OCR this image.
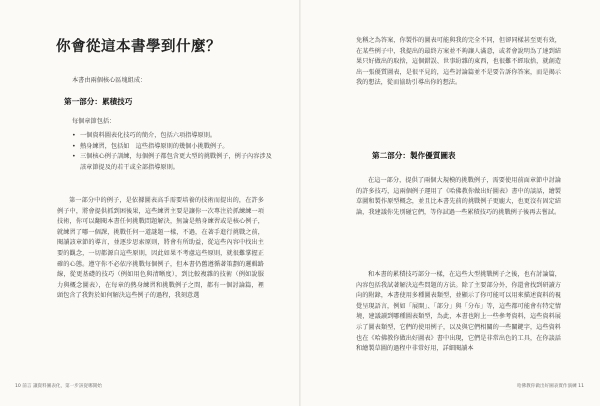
你會從這本書學到什麼？
本書由兩個核心區塊組成：
第一部分：累積技巧
每個章節包括：
• 一個資料圖表化技巧的簡介，包括六項指導原則。
• 熱身練習，包括如　這些指導原則的幾個小挑戰例子。
• 三個核心例子訓練，每個例子都包含更大型的挑戰例子，例子內容涉及該章節提及的若干或全部指導原則。

第一部分中的例子，是依據圖表高手需要培養的技術而提出的，在許多例子中，將會提供抓到困後果，這些練習主要是讓你一次專注於抓練練一項技術，你可以翻閱本書任何挑戰問題解決，無論是熱身練習或是核心例子，就練習了哪一個課，挑戰任何一道謎題一樣，不過，在著手進行挑戰之前，閱讀該章節的導言，並逐步思索原則，將會有所助益，從這些內容中找出主要的觀念，一切都源自這些原則，因此如果不考慮這些原則，就很難掌握正確的心態。遵守你不必依序挑戰每個例子，但本書仍舊遵循著策劃的邏輯路線，從更基礎的技巧（例如用色與清晰度），到比較複雜的技術（例如說服力與概念圖表），在每章的熱身練習和挑戰例子之間，都有一個討論篇，裡頭包含了我對於如何解決這些例子的過程，我刻意選

10 前言 讓資料圖表化，第一步該從哪開始

免稱之為答案，你製作的圖表可能與我的完全不同，但卻同樣甚至更有效，在某些例子中，我提出的最終方案並不夠讓人滿意，或者會說明為了達到結果只好做出的取捨，這個錯誤、世事紛雜的東西，也很難不經取捨，就創造出一張優質圖表，是很平見的，這些討論篇並不是要告訴你答案，而是揭示我的想法，從而協助引導出你的想法。

第二部分：製作優質圖表

在這一部分，提供了兩個大規模的挑戰例子，需要使用前面章節中討論的許多技巧，這兩個例子運用了《哈佛教你做出好圖表》書中的談話，繪製草圖和製作原型概念，並且比本書先前的挑戰例子更龐大，也更沒有固定結論，我建議你先別碰它們，等你試過一些累積技巧的挑戰例子後再去嘗試。

和本書的累積技巧部分一樣，在這些大型挑戰例子之後，也有討論篇，內容包括我試著解決這些問題的方法。除了主要部分外，你還會找到研讀方向的附錄，本書使用多種圖表類型，並顯示了你可能可以用來描述資料的視覺呈現語言，例如「展開」、「部分」與「分布」等，這些都可能會有特定情境，建議讀到哪種圖表類型，為此，本書也附上一些參考資料，這些資料展示了圖表類型，它們的使用例子，以及與它們相關的一些關鍵字，這些資料也在《哈佛教你做出好圖表》書中出現，它們是非常出色的工具，在你談話和繪製草圖的過程中非常好用，詳細閱讀本

哈佛教你做出好圖表實作演練 11
